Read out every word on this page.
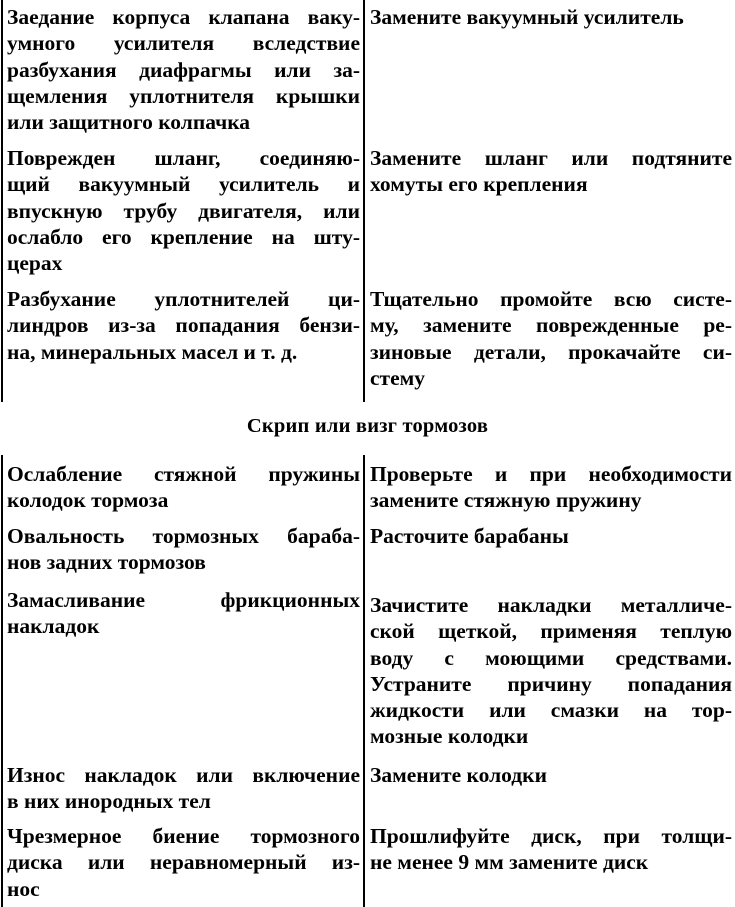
Заедание корпуса клапана ваку-
умного усилителя вследствие
разбухания диафрагмы или за-
щемления уплотнителя крышки
или защитного колпачка
Замените вакуумный усилитель
Поврежден шланг, соединяю-
щий вакуумный усилитель и
впускную трубу двигателя, или
ослабло его крепление на шту-
церах
Замените шланг или подтяните
хомуты его крепления
Разбухание уплотнителей ци-
линдров из-за попадания бензи-
на, минеральных масел и т. д.
Тщательно промойте всю систе-
му, замените поврежденные ре-
зиновые детали, прокачайте си-
стему
Скрип или визг тормозов
Ослабление стяжной пружины
колодок тормоза
Проверьте и при необходимости
замените стяжную пружину
Овальность тормозных бараба-
нов задних тормозов
Расточите барабаны
Замасливание фрикционных
накладок
Зачистите накладки металличе-
ской щеткой, применяя теплую
воду с моющими средствами.
Устраните причину попадания
жидкости или смазки на тор-
мозные колодки
Износ накладок или включение
в них инородных тел
Замените колодки
Чрезмерное биение тормозного
диска или неравномерный из-
нос
Прошлифуйте диск, при толщи-
не менее 9 мм замените диск
